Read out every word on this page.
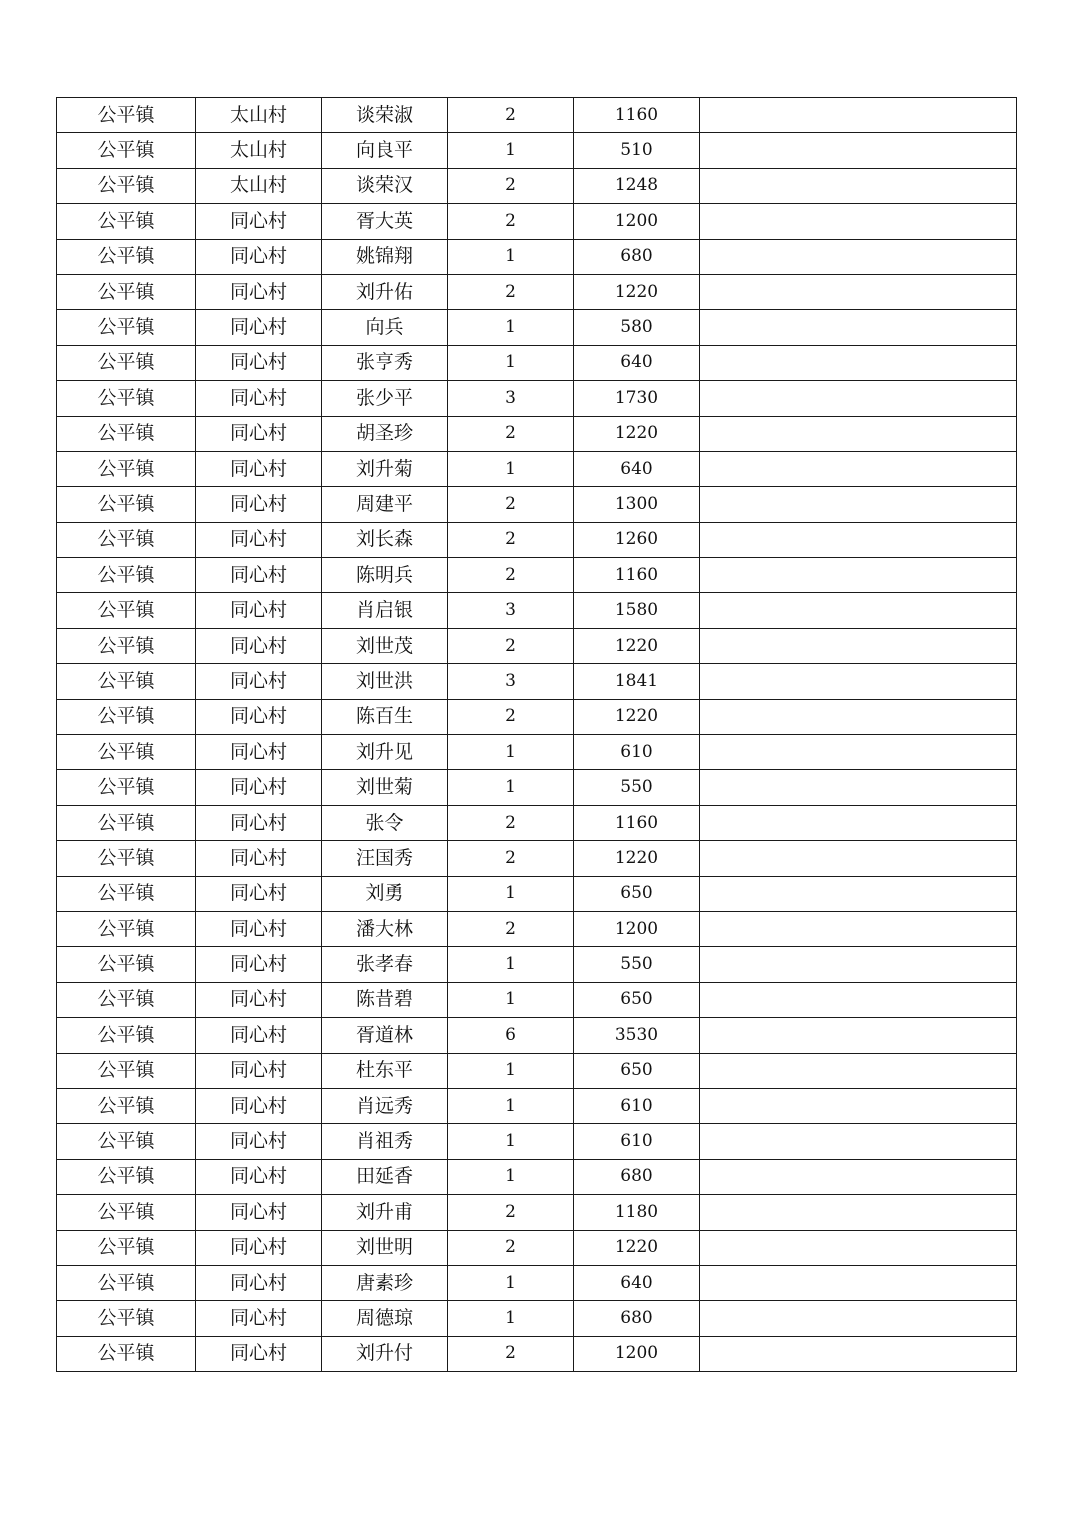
公平镇	太山村	谈荣淑	2	1160	
公平镇	太山村	向良平	1	510	
公平镇	太山村	谈荣汉	2	1248	
公平镇	同心村	胥大英	2	1200	
公平镇	同心村	姚锦翔	1	680	
公平镇	同心村	刘升佑	2	1220	
公平镇	同心村	向兵	1	580	
公平镇	同心村	张亨秀	1	640	
公平镇	同心村	张少平	3	1730	
公平镇	同心村	胡圣珍	2	1220	
公平镇	同心村	刘升菊	1	640	
公平镇	同心村	周建平	2	1300	
公平镇	同心村	刘长森	2	1260	
公平镇	同心村	陈明兵	2	1160	
公平镇	同心村	肖启银	3	1580	
公平镇	同心村	刘世茂	2	1220	
公平镇	同心村	刘世洪	3	1841	
公平镇	同心村	陈百生	2	1220	
公平镇	同心村	刘升见	1	610	
公平镇	同心村	刘世菊	1	550	
公平镇	同心村	张令	2	1160	
公平镇	同心村	汪国秀	2	1220	
公平镇	同心村	刘勇	1	650	
公平镇	同心村	潘大林	2	1200	
公平镇	同心村	张孝春	1	550	
公平镇	同心村	陈昔碧	1	650	
公平镇	同心村	胥道林	6	3530	
公平镇	同心村	杜东平	1	650	
公平镇	同心村	肖远秀	1	610	
公平镇	同心村	肖祖秀	1	610	
公平镇	同心村	田延香	1	680	
公平镇	同心村	刘升甫	2	1180	
公平镇	同心村	刘世明	2	1220	
公平镇	同心村	唐素珍	1	640	
公平镇	同心村	周德琼	1	680	
公平镇	同心村	刘升付	2	1200	
